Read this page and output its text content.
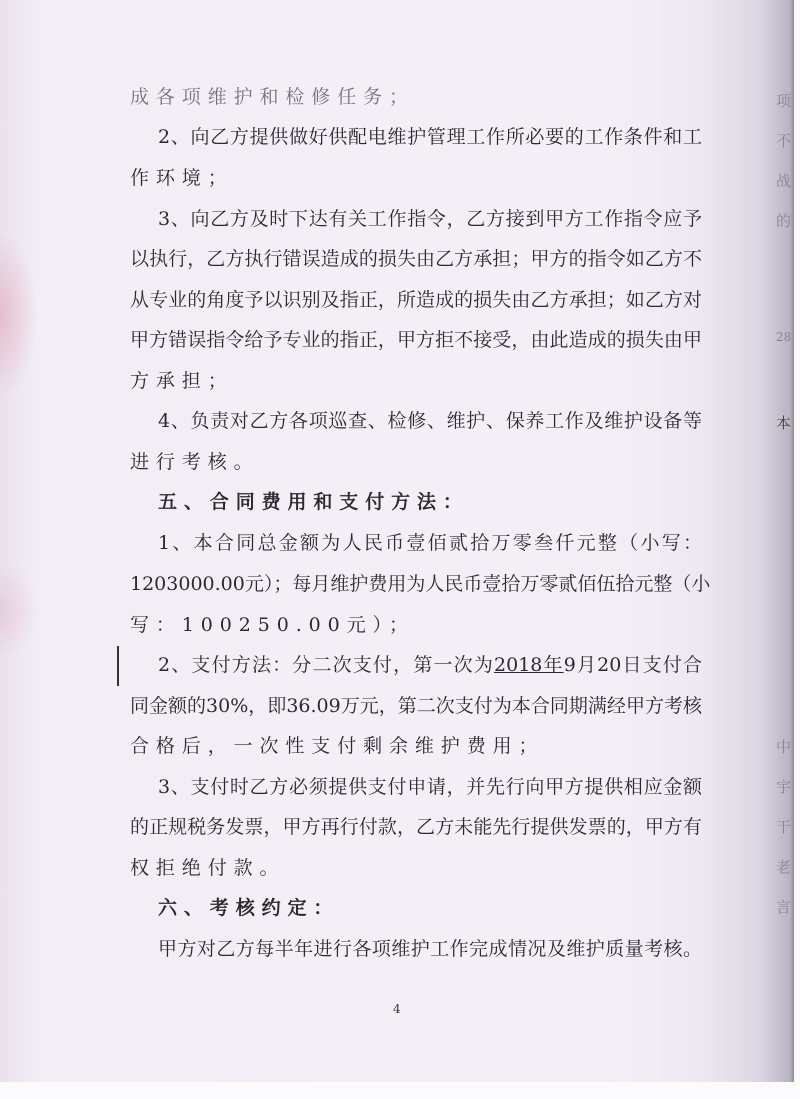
成各项维护和检修任务；
2、向乙方提供做好供配电维护管理工作所必要的工作条件和工
作环境；
3、向乙方及时下达有关工作指令，乙方接到甲方工作指令应予
以执行，乙方执行错误造成的损失由乙方承担；甲方的指令如乙方不
从专业的角度予以识别及指正，所造成的损失由乙方承担；如乙方对
甲方错误指令给予专业的指正，甲方拒不接受，由此造成的损失由甲
方承担；
4、负责对乙方各项巡查、检修、维护、保养工作及维护设备等
进行考核。
五、合同费用和支付方法：
1、本合同总金额为人民币壹佰贰拾万零叁仟元整（小写：
1203000.00元）；每月维护费用为人民币壹拾万零贰佰伍拾元整（小
写：100250.00元）；
2、支付方法：分二次支付，第一次为2018年9月20日支付合
同金额的30%，即36.09万元，第二次支付为本合同期满经甲方考核
合格后，一次性支付剩余维护费用；
3、支付时乙方必须提供支付申请，并先行向甲方提供相应金额
的正规税务发票，甲方再行付款，乙方未能先行提供发票的，甲方有
权拒绝付款。
六、考核约定：
甲方对乙方每半年进行各项维护工作完成情况及维护质量考核。
4
项
不
战
的
28
本
中
宇
干
老
言
